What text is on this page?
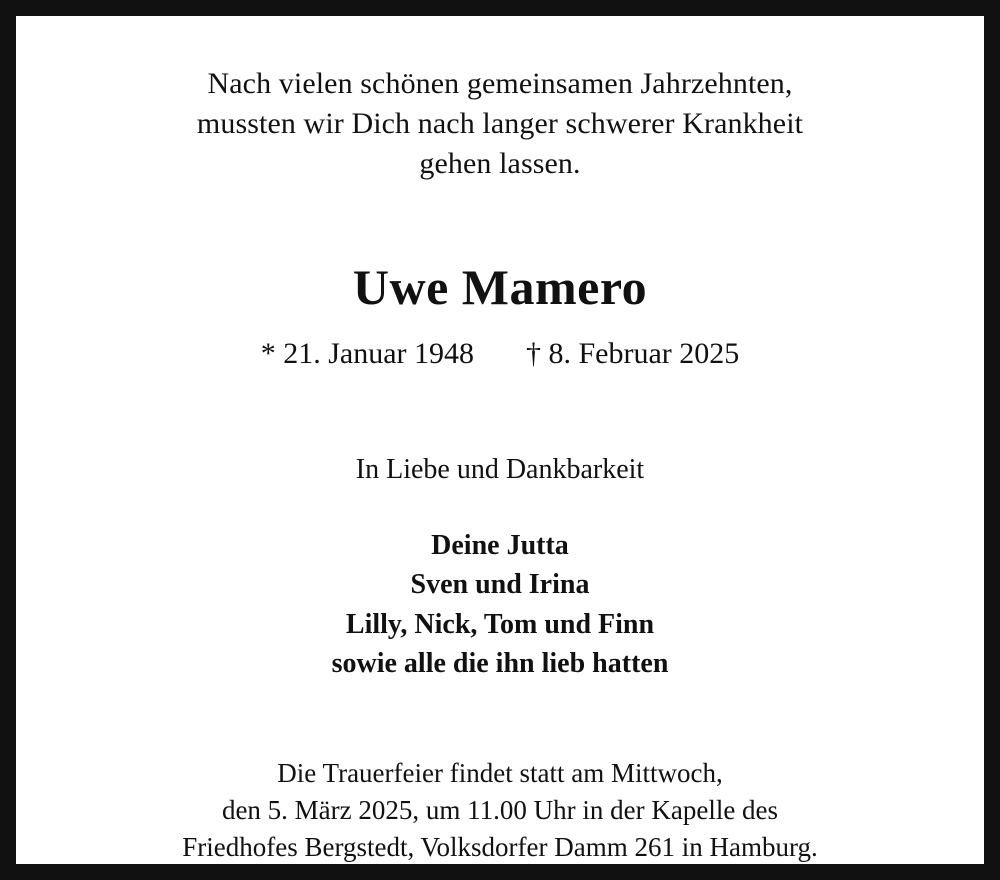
Nach vielen schönen gemeinsamen Jahrzehnten,
mussten wir Dich nach langer schwerer Krankheit
gehen lassen.
Uwe Mamero
* 21. Januar 1948 † 8. Februar 2025
In Liebe und Dankbarkeit
Deine Jutta
Sven und Irina
Lilly, Nick, Tom und Finn
sowie alle die ihn lieb hatten
Die Trauerfeier findet statt am Mittwoch,
den 5. März 2025, um 11.00 Uhr in der Kapelle des
Friedhofes Bergstedt, Volksdorfer Damm 261 in Hamburg.
